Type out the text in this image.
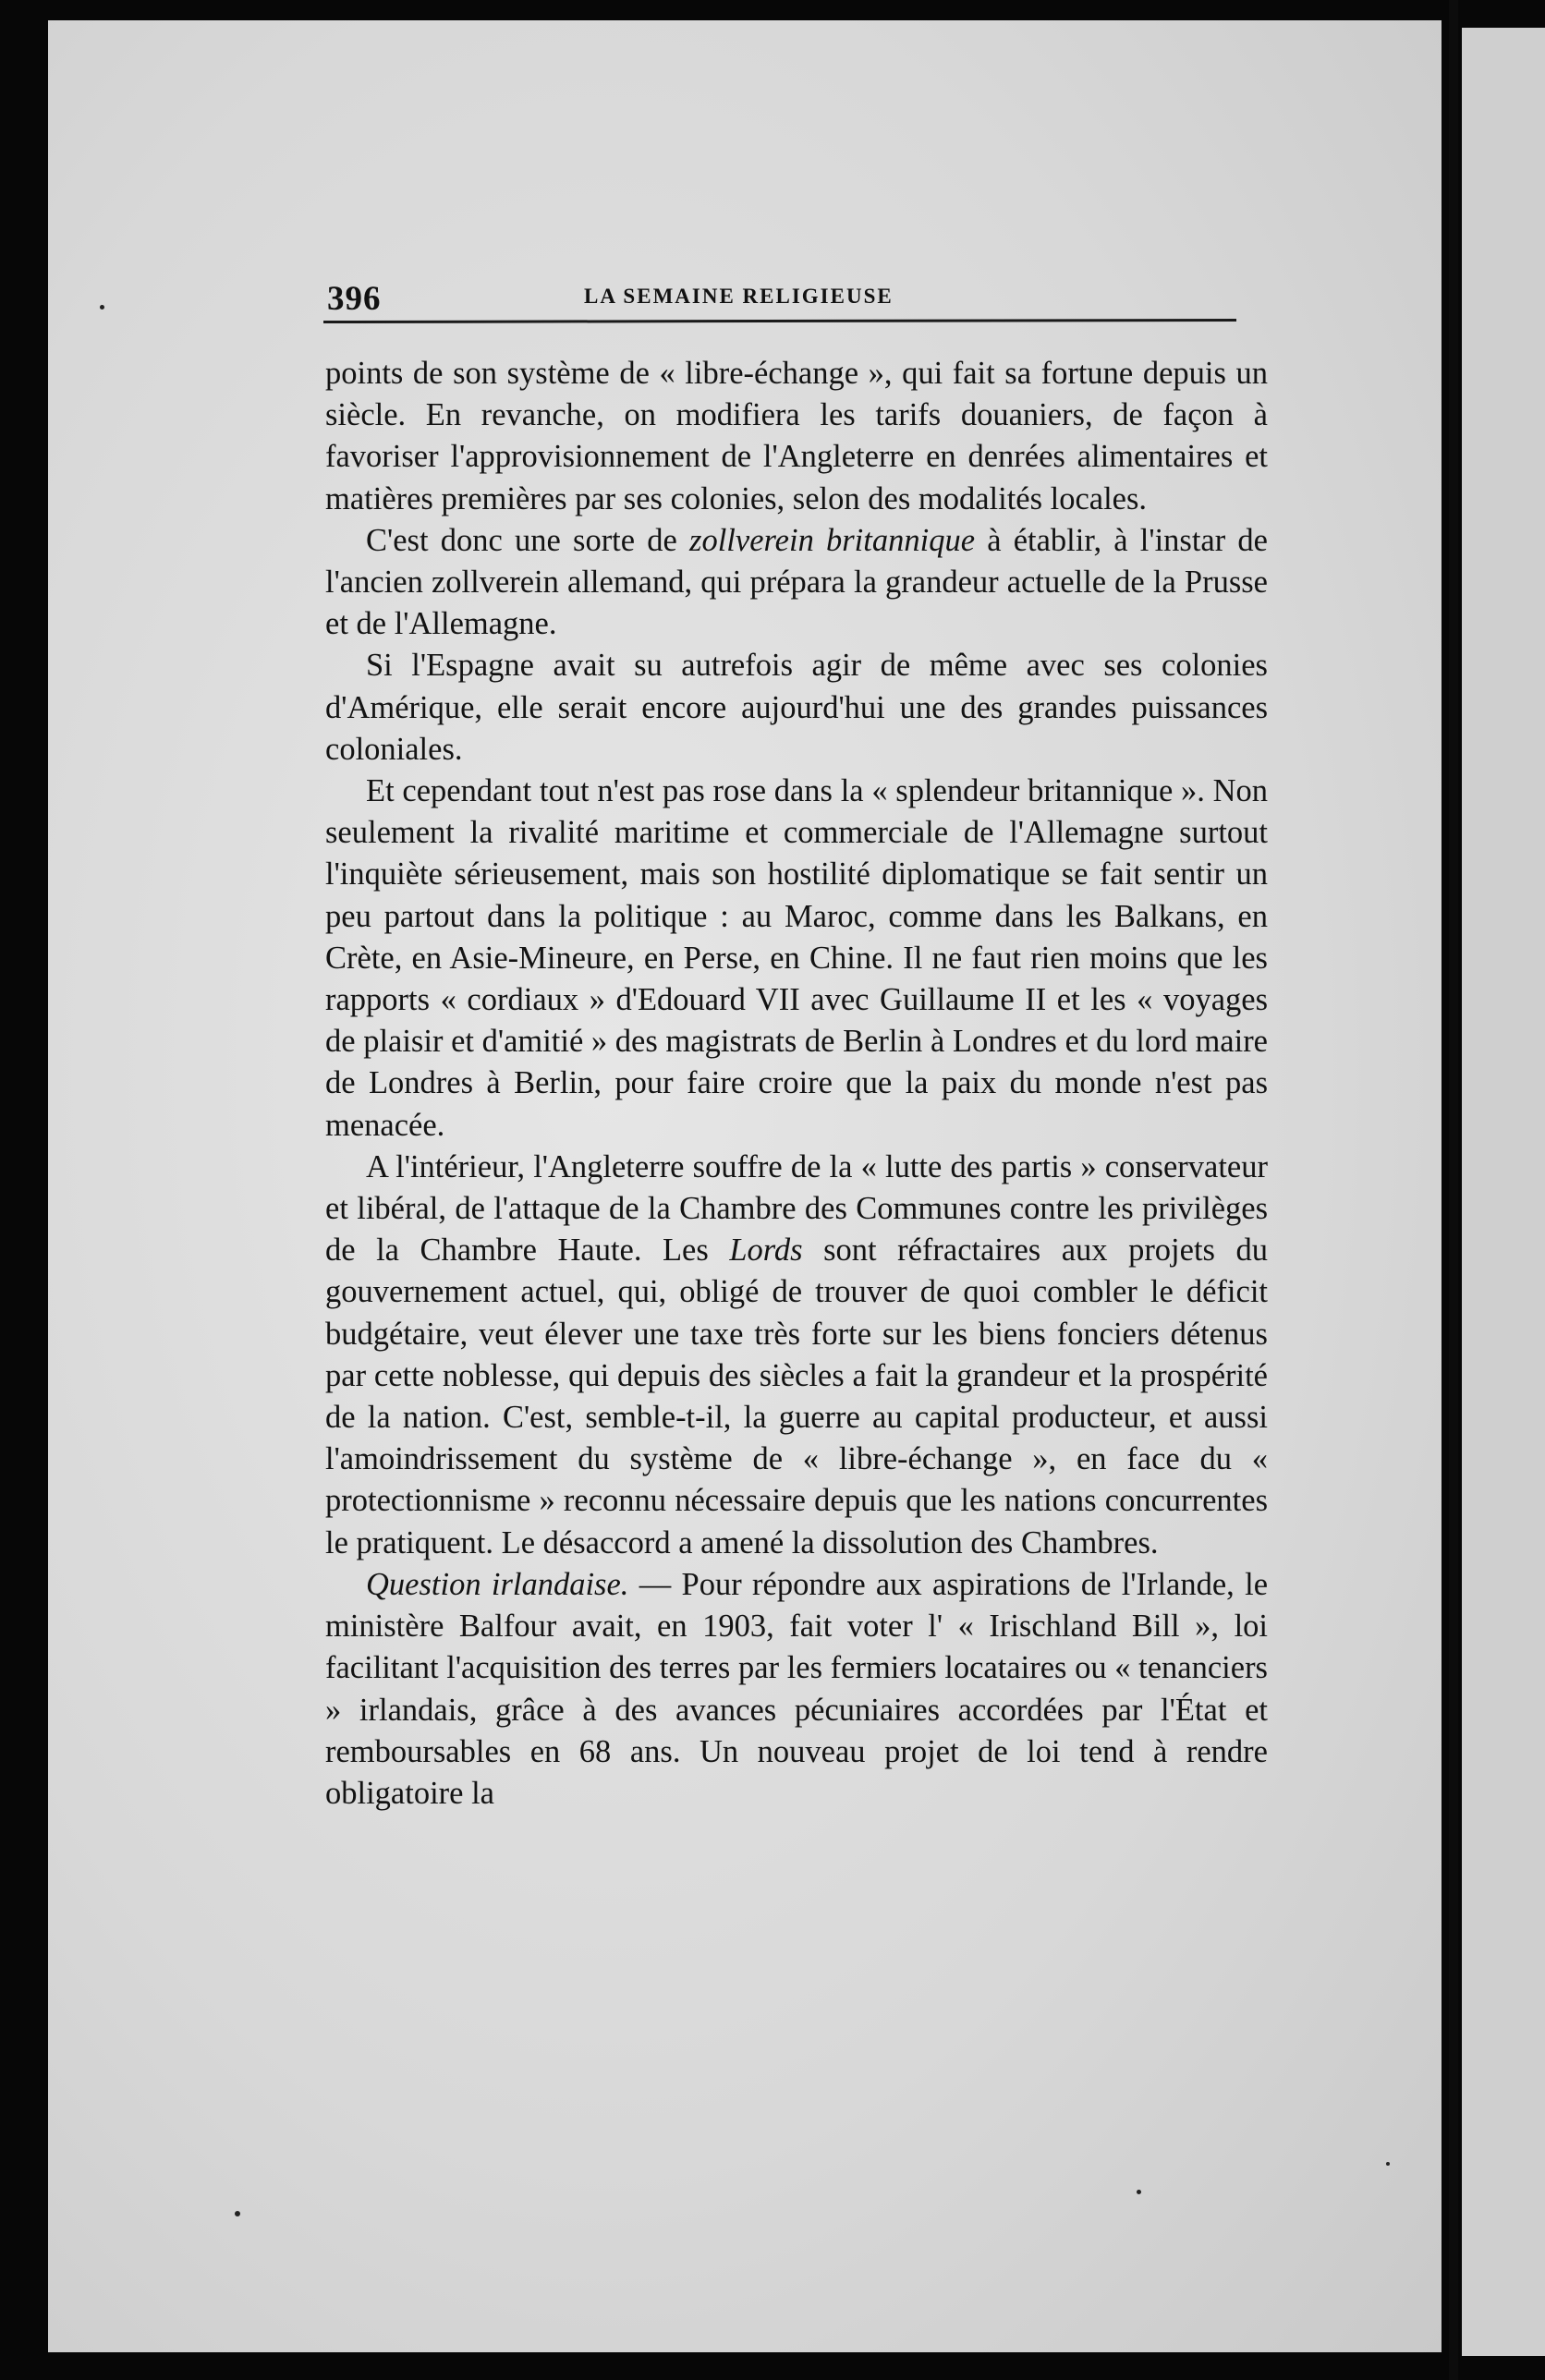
396	LA SEMAINE RELIGIEUSE

points de son système de « libre-échange », qui fait sa fortune depuis un siècle. En revanche, on modifiera les tarifs douaniers, de façon à favoriser l'approvisionnement de l'Angleterre en denrées alimentaires et matières premières par ses colonies, selon des modalités locales.

C'est donc une sorte de zollverein britannique à établir, à l'instar de l'ancien zollverein allemand, qui prépara la grandeur actuelle de la Prusse et de l'Allemagne.

Si l'Espagne avait su autrefois agir de même avec ses colonies d'Amérique, elle serait encore aujourd'hui une des grandes puissances coloniales.

Et cependant tout n'est pas rose dans la « splendeur britannique ». Non seulement la rivalité maritime et commerciale de l'Allemagne surtout l'inquiète sérieusement, mais son hostilité diplomatique se fait sentir un peu partout dans la politique : au Maroc, comme dans les Balkans, en Crète, en Asie-Mineure, en Perse, en Chine. Il ne faut rien moins que les rapports « cordiaux » d'Edouard VII avec Guillaume II et les « voyages de plaisir et d'amitié » des magistrats de Berlin à Londres et du lord maire de Londres à Berlin, pour faire croire que la paix du monde n'est pas menacée.

A l'intérieur, l'Angleterre souffre de la « lutte des partis » conservateur et libéral, de l'attaque de la Chambre des Communes contre les privilèges de la Chambre Haute. Les Lords sont réfractaires aux projets du gouvernement actuel, qui, obligé de trouver de quoi combler le déficit budgétaire, veut élever une taxe très forte sur les biens fonciers détenus par cette noblesse, qui depuis des siècles a fait la grandeur et la prospérité de la nation. C'est, semble-t-il, la guerre au capital producteur, et aussi l'amoindrissement du système de « libre-échange », en face du « protectionnisme » reconnu nécessaire depuis que les nations concurrentes le pratiquent. Le désaccord a amené la dissolution des Chambres.

Question irlandaise. — Pour répondre aux aspirations de l'Irlande, le ministère Balfour avait, en 1903, fait voter l' « Irischland Bill », loi facilitant l'acquisition des terres par les fermiers locataires ou « tenanciers » irlandais, grâce à des avances pécuniaires accordées par l'État et remboursables en 68 ans. Un nouveau projet de loi tend à rendre obligatoire la
